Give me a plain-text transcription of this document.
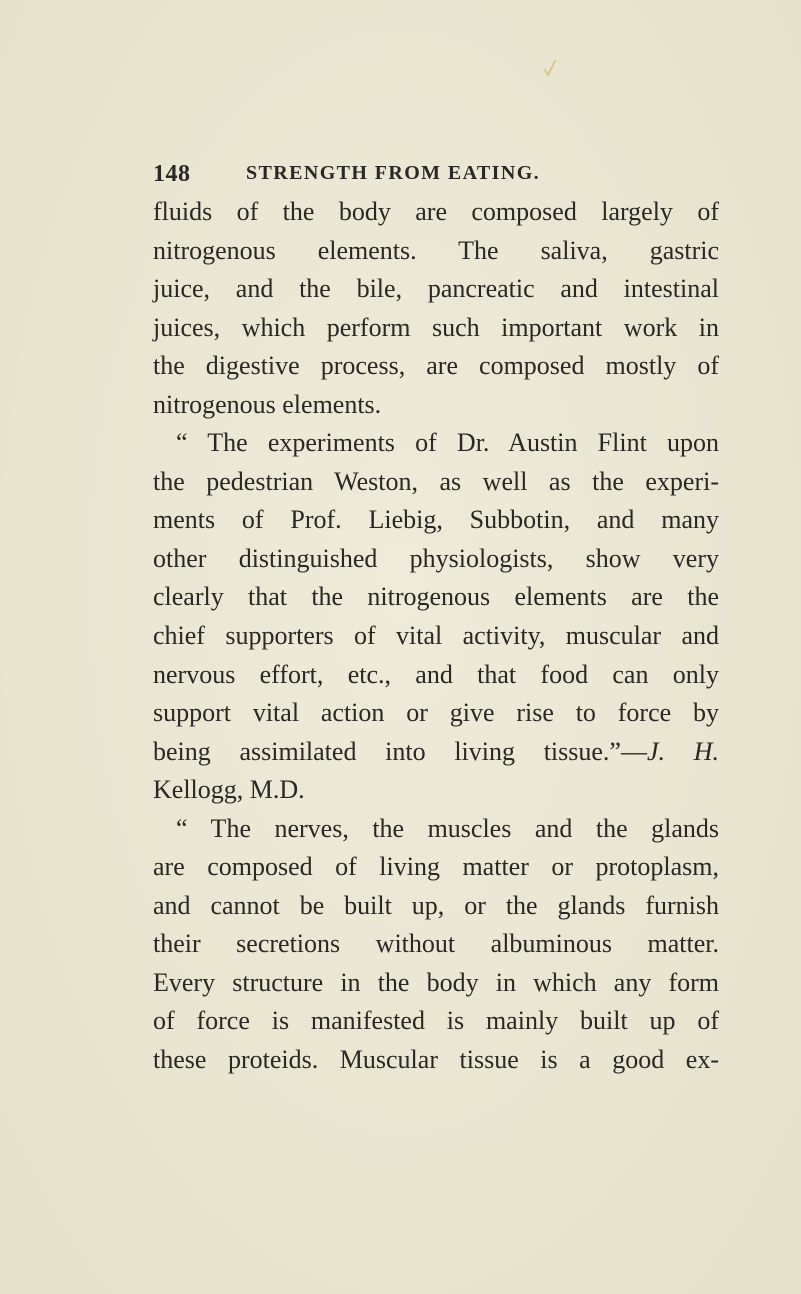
148	STRENGTH FROM EATING.
fluids of the body are composed largely of
nitrogenous elements. The saliva, gastric
juice, and the bile, pancreatic and intestinal
juices, which perform such important work in
the digestive process, are composed mostly of
nitrogenous elements.
“ The experiments of Dr. Austin Flint upon
the pedestrian Weston, as well as the experi-
ments of Prof. Liebig, Subbotin, and many
other distinguished physiologists, show very
clearly that the nitrogenous elements are the
chief supporters of vital activity, muscular and
nervous effort, etc., and that food can only
support vital action or give rise to force by
being assimilated into living tissue.”—J. H.
Kellogg, M.D.
“ The nerves, the muscles and the glands
are composed of living matter or protoplasm,
and cannot be built up, or the glands furnish
their secretions without albuminous matter.
Every structure in the body in which any form
of force is manifested is mainly built up of
these proteids. Muscular tissue is a good ex-
